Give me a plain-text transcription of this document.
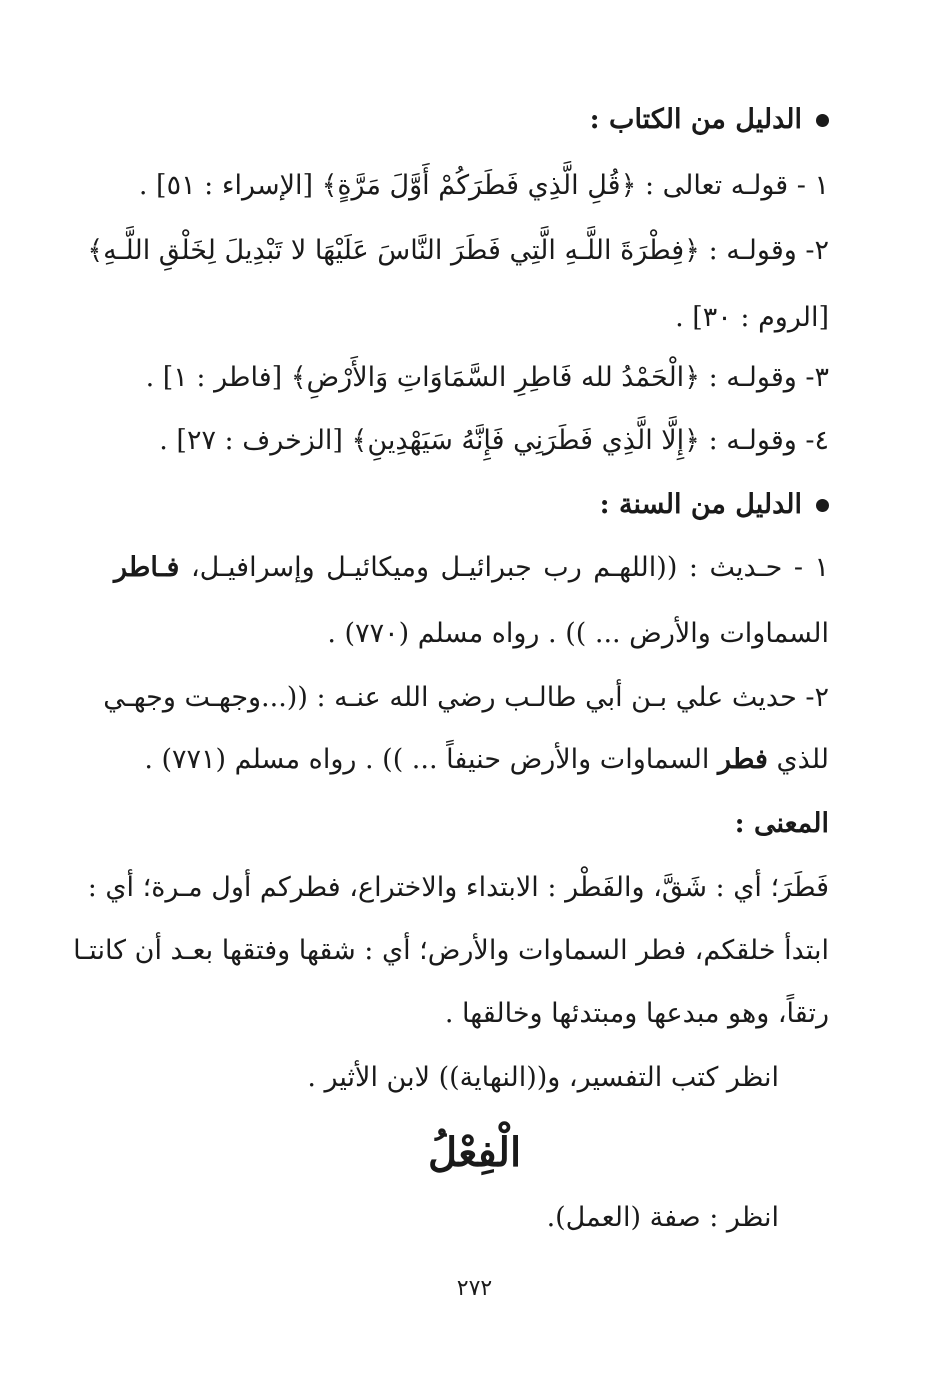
الدليل من الكتاب :
١ - قولـه تعالى : ﴿قُلِ الَّذِي فَطَرَكُمْ أَوَّلَ مَرَّةٍ﴾ [الإسراء : ٥١] .
٢- وقولـه : ﴿فِطْرَةَ اللَّـهِ الَّتِي فَطَرَ النَّاسَ عَلَيْهَا لا تَبْدِيلَ لِخَلْقِ اللَّـهِ﴾
[الروم : ٣٠] .
٣- وقولـه : ﴿الْحَمْدُ لله فَاطِرِ السَّمَاوَاتِ وَالأَرْضِ﴾ [فاطر : ١] .
٤- وقولـه : ﴿إِلَّا الَّذِي فَطَرَنِي فَإِنَّهُ سَيَهْدِينِ﴾ [الزخرف : ٢٧] .
الدليل من السنة :
١ - حـديث : ((اللهـم رب جبرائيـل وميكائيـل وإسرافيـل، فـاطر
السماوات والأرض ... )) . رواه مسلم (٧٧٠) .
٢- حديث علي بـن أبي طالـب رضي الله عنـه : ((...وجهـت وجهـي
للذي فطر السماوات والأرض حنيفاً ... )) . رواه مسلم (٧٧١) .
المعنى :
فَطَرَ؛ أي : شَقَّ، والفَطْر : الابتداء والاختراع، فطركم أول مـرة؛ أي :
ابتدأ خلقكم، فطر السماوات والأرض؛ أي : شقها وفتقها بعـد أن كانتـا
رتقاً، وهو مبدعها ومبتدئها وخالقها .
انظر كتب التفسير، و((النهاية)) لابن الأثير .
الْفِعْلُ
انظر : صفة (العمل).
٢٧٢
